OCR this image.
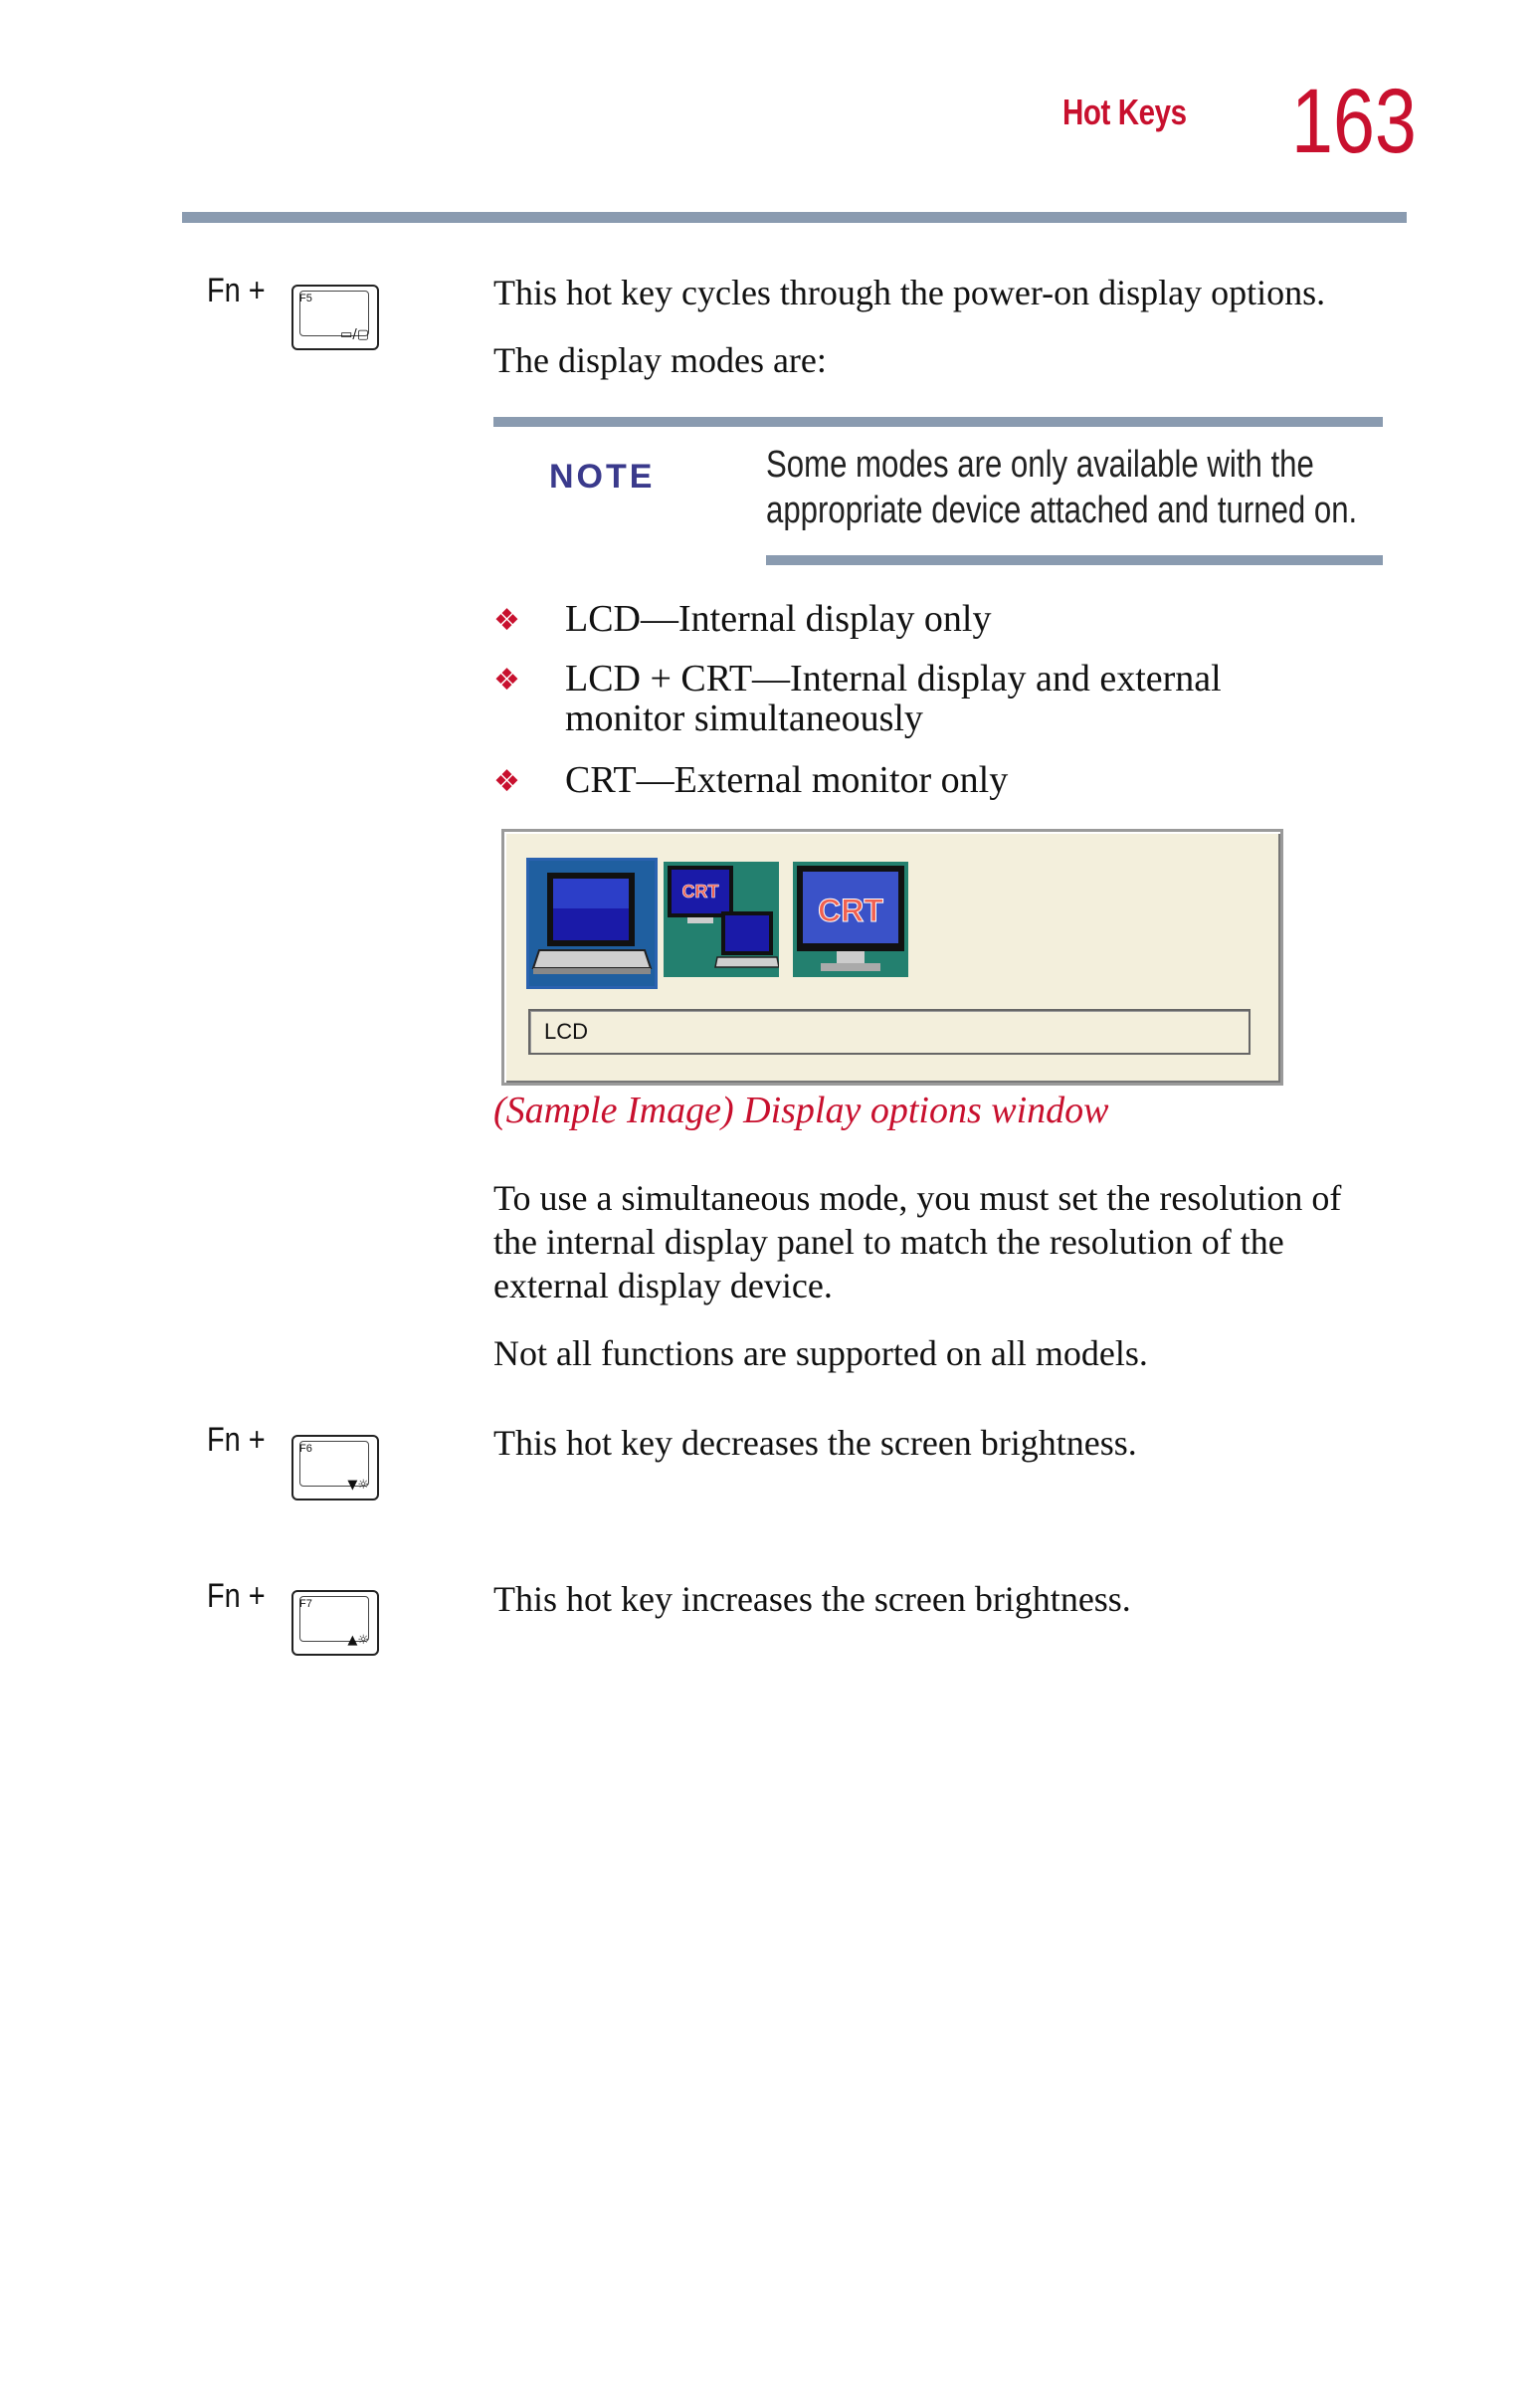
Hot Keys 163
Fn +	F5
▭/▢
This hot key cycles through the power-on display options.
The display modes are:
NOTE	Some modes are only available with the appropriate device attached and turned on.
❖ LCD—Internal display only
❖ LCD + CRT—Internal display and external monitor simultaneously
❖ CRT—External monitor only
CRT
CRT
LCD
(Sample Image) Display options window
To use a simultaneous mode, you must set the resolution of the internal display panel to match the resolution of the external display device.
Not all functions are supported on all models.
Fn +	F6
▼☼
This hot key decreases the screen brightness.
Fn +	F7
▲☼
This hot key increases the screen brightness.
